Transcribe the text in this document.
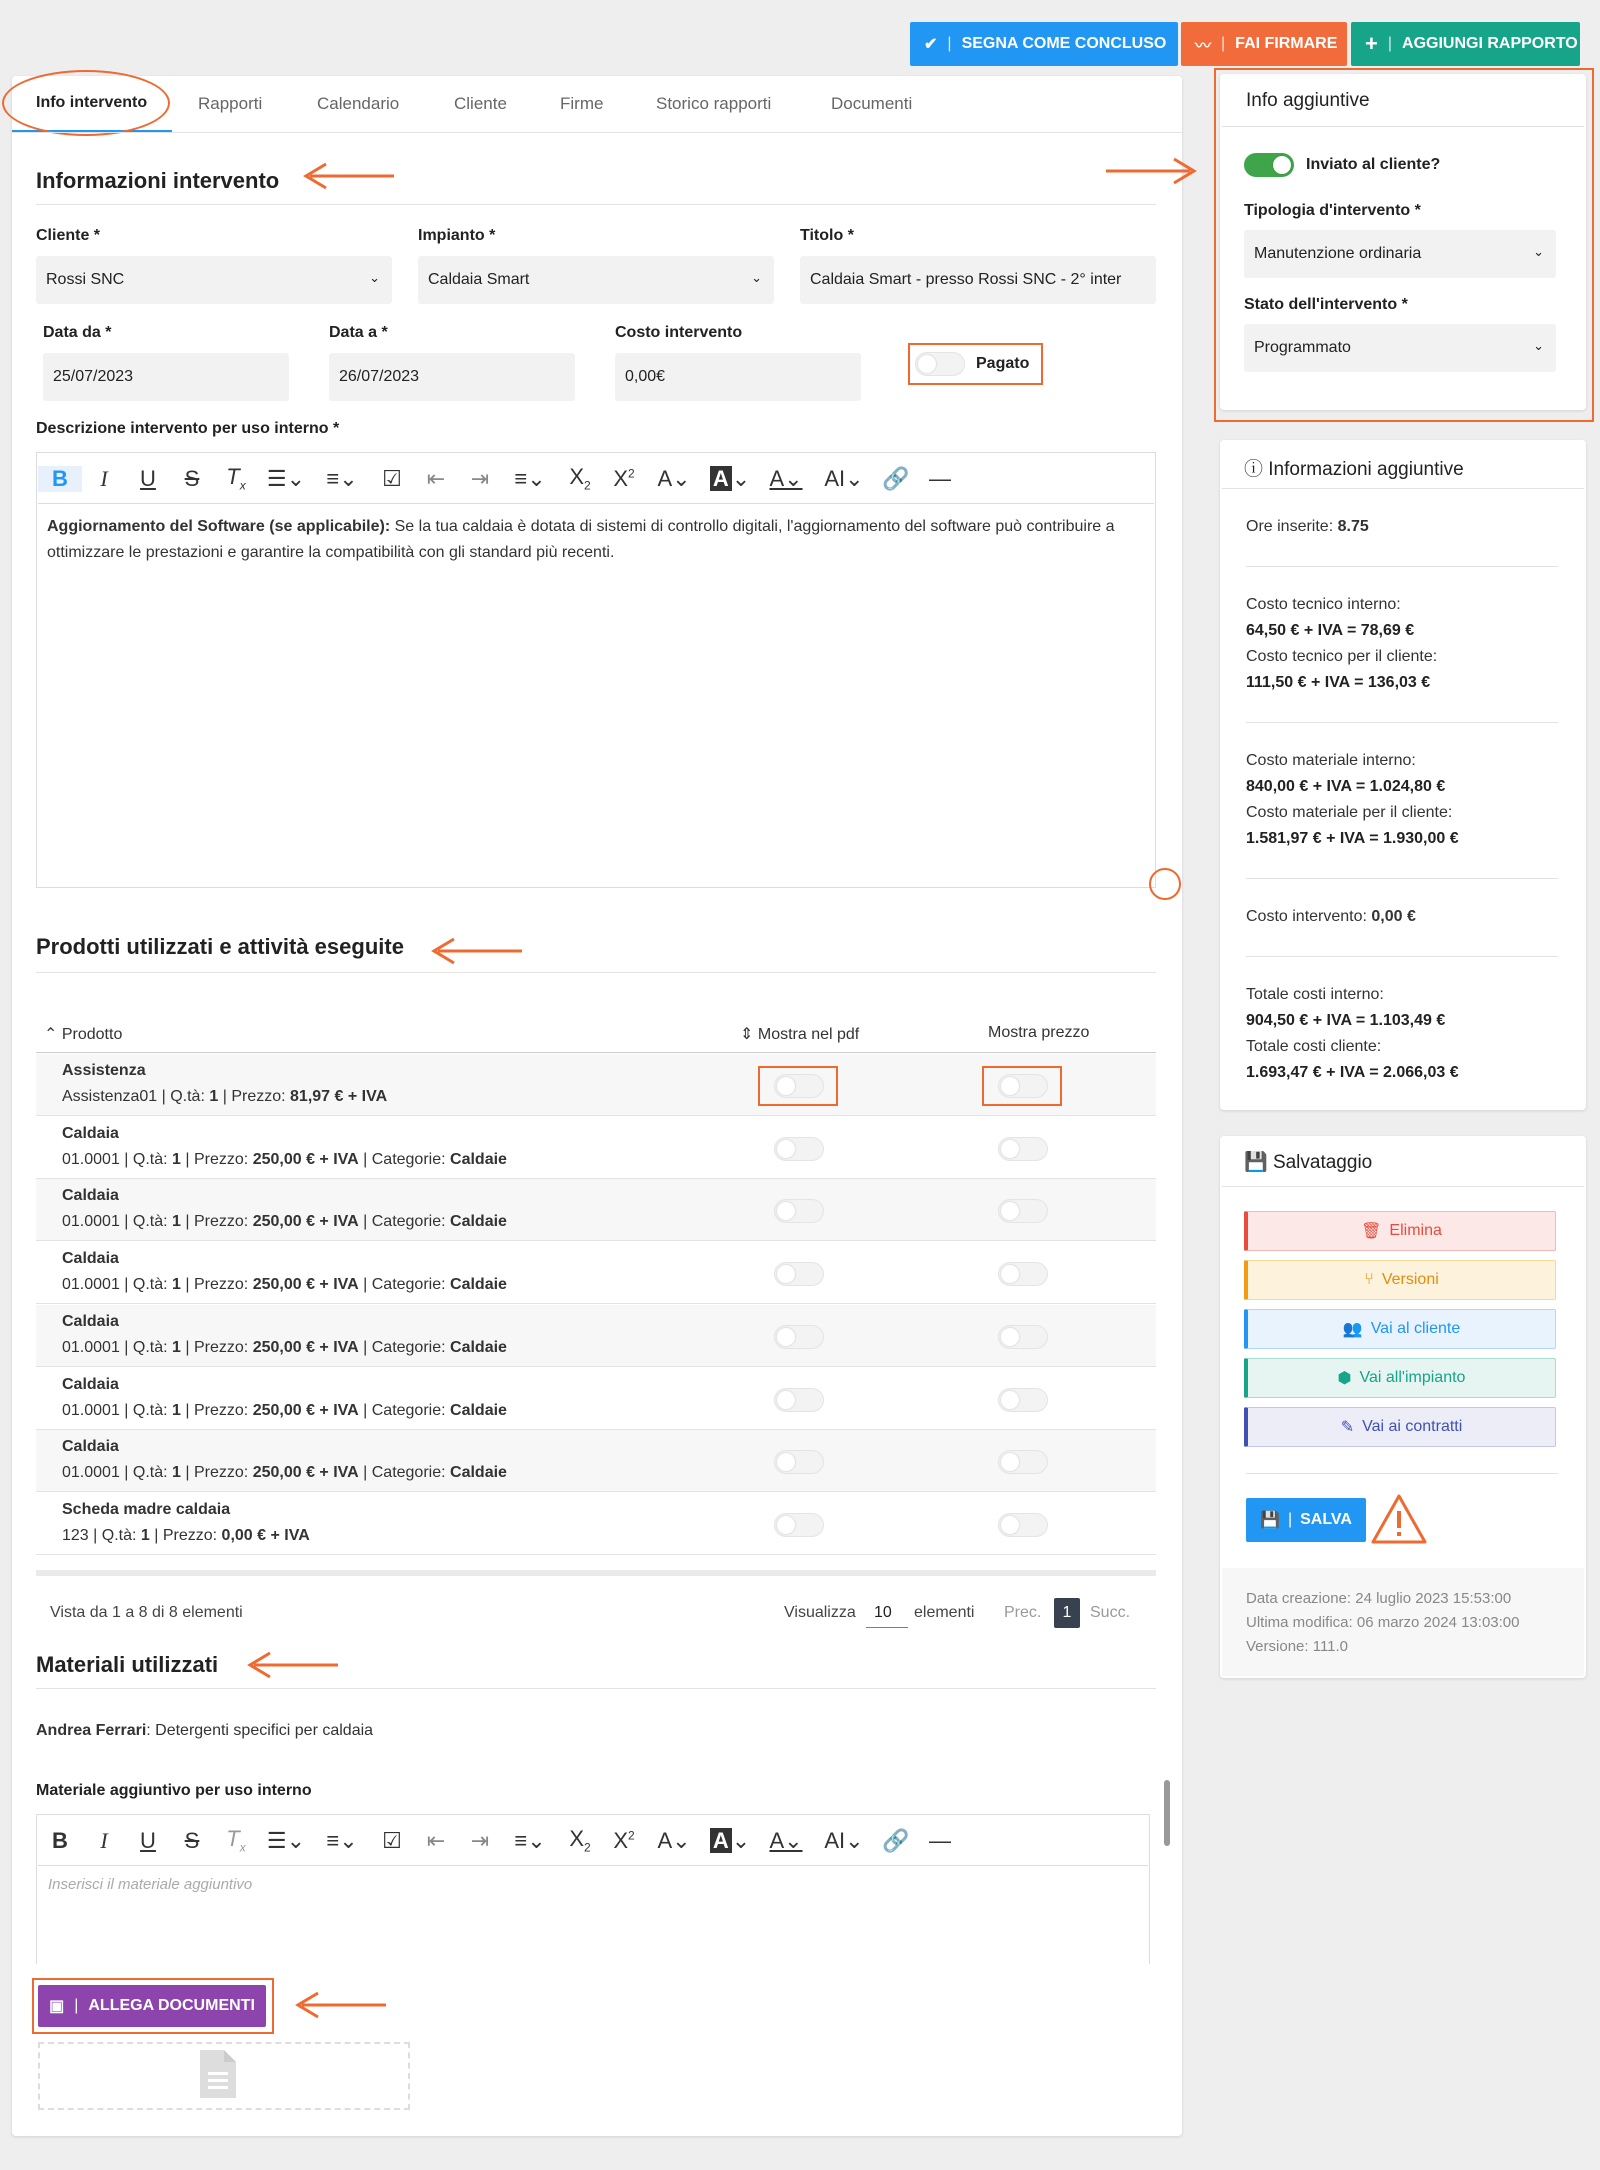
✔ | SEGNA COME CONCLUSO 〰 | FAI FIRMARE + | AGGIUNGI RAPPORTO
Info intervento	Rapporti	Calendario	Cliente	Firme	Storico rapporti	Documenti
Informazioni intervento
Cliente *
Rossi SNC	⌄
Impianto *
Caldaia Smart	⌄
Titolo *
Caldaia Smart - presso Rossi SNC - 2° inter
Data da *
25/07/2023
Data a *
26/07/2023
Costo intervento
0,00€
Pagato
Descrizione intervento per uso interno *
B	I	U	S	$T_x$ ☰⌄ ≡⌄	☑	⇤	⇥	≡⌄	$X_2$	$X^2$	A⌄	A ⌄ A⌄ AI⌄ 🔗 —
Aggiornamento del Software (se applicabile): Se la tua caldaia è dotata di sistemi di controllo digitali, l'aggiornamento del software può contribuire a ottimizzare le prestazioni e garantire la compatibilità con gli standard più recenti.
Prodotti utilizzati e attività eseguite
⌃ Prodotto	⇕ Mostra nel pdf	Mostra prezzo
Assistenza
Assistenza01 | Q.tà: 1 | Prezzo: 81,97 € + IVA
Caldaia
01.0001 | Q.tà: 1 | Prezzo: 250,00 € + IVA | Categorie: Caldaie
Caldaia
01.0001 | Q.tà: 1 | Prezzo: 250,00 € + IVA | Categorie: Caldaie
Caldaia
01.0001 | Q.tà: 1 | Prezzo: 250,00 € + IVA | Categorie: Caldaie
Caldaia
01.0001 | Q.tà: 1 | Prezzo: 250,00 € + IVA | Categorie: Caldaie
Caldaia
01.0001 | Q.tà: 1 | Prezzo: 250,00 € + IVA | Categorie: Caldaie
Caldaia
01.0001 | Q.tà: 1 | Prezzo: 250,00 € + IVA | Categorie: Caldaie
Scheda madre caldaia
123 | Q.tà: 1 | Prezzo: 0,00 € + IVA
Vista da 1 a 8 di 8 elementi	Visualizza	10	elementi Prec.	1	Succ.
Materiali utilizzati
Andrea Ferrari: Detergenti specifici per caldaia
Materiale aggiuntivo per uso interno
B	I	U	S	$T_x$ ☰⌄ ≡⌄	☑	⇤	⇥	≡⌄	$X_2$	$X^2$	A⌄	A ⌄ A⌄ AI⌄ 🔗 —
Inserisci il materiale aggiuntivo
▣ | ALLEGA DOCUMENTI
Info aggiuntive
Inviato al cliente?
Tipologia d'intervento *
Manutenzione ordinaria	⌄
Stato dell'intervento *
Programmato	⌄
ⓘ Informazioni aggiuntive
Ore inserite: 8.75
Costo tecnico interno:
64,50 € + IVA = 78,69 €
Costo tecnico per il cliente:
111,50 € + IVA = 136,03 €
Costo materiale interno:
840,00 € + IVA = 1.024,80 €
Costo materiale per il cliente:
1.581,97 € + IVA = 1.930,00 €
Costo intervento: 0,00 €
Totale costi interno:
904,50 € + IVA = 1.103,49 €
Totale costi cliente:
1.693,47 € + IVA = 2.066,03 €
💾 Salvataggio
🗑 Elimina
⑂ Versioni
👥 Vai al cliente
⬢ Vai all'impianto
✎ Vai ai contratti
💾 | SALVA
Data creazione: 24 luglio 2023 15:53:00
Ultima modifica: 06 marzo 2024 13:03:00
Versione: 111.0
